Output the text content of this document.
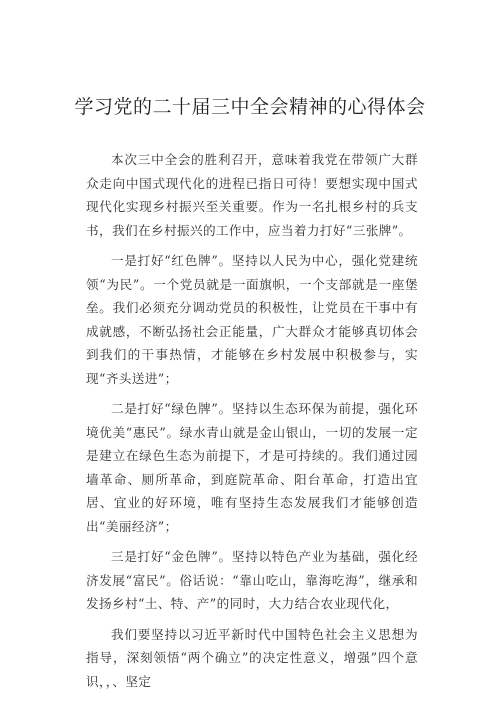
学习党的二十届三中全会精神的心得体会

本次三中全会的胜利召开，意味着我党在带领广大群众走向中国式现代化的进程已指日可待！要想实现中国式现代化实现乡村振兴至关重要。作为一名扎根乡村的兵支书，我们在乡村振兴的工作中，应当着力打好“三张牌”。

一是打好“红色牌”。坚持以人民为中心，强化党建统领“为民”。一个党员就是一面旗帜，一个支部就是一座堡垒。我们必须充分调动党员的积极性，让党员在干事中有成就感，不断弘扬社会正能量，广大群众才能够真切体会到我们的干事热情，才能够在乡村发展中积极参与，实现“齐头送进”；

二是打好“绿色牌”。坚持以生态环保为前提，强化环境优美“惠民”。绿水青山就是金山银山，一切的发展一定是建立在绿色生态为前提下，才是可持续的。我们通过园墙革命、厕所革命，到庭院革命、阳台革命，打造出宜居、宜业的好环境，唯有坚持生态发展我们才能够创造出“美丽经济”；

三是打好“金色牌”。坚持以特色产业为基础，强化经济发展“富民”。俗话说：“靠山吃山，靠海吃海”，继承和发扬乡村“土、特、产”的同时，大力结合农业现代化，

我们要坚持以习近平新时代中国特色社会主义思想为指导，深刻领悟“两个确立”的决定性意义，增强”四个意识，，、坚定
